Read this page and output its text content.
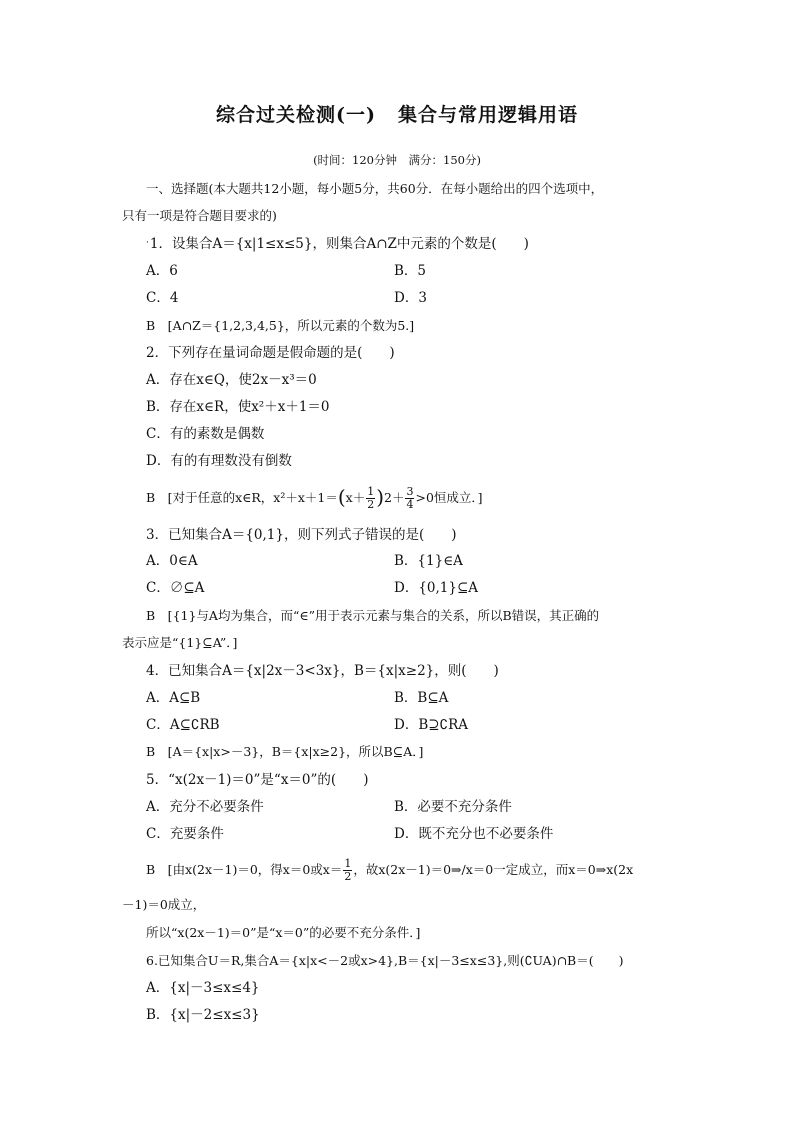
综合过关检测(一) 集合与常用逻辑用语
(时间：120分钟　满分：150分)
一、选择题(本大题共12小题，每小题5分，共60分．在每小题给出的四个选项中，
只有一项是符合题目要求的)
·1．设集合A＝{x|1≤x≤5}，则集合A∩Z中元素的个数是(　　)
A．6	B．5
C．4	D．3
B　[A∩Z＝{1,2,3,4,5}，所以元素的个数为5.]
2．下列存在量词命题是假命题的是(　　)
A．存在x∈Q，使2x－x³＝0
B．存在x∈R，使x²＋x＋1＝0
C．有的素数是偶数
D．有的有理数没有倒数
B　[对于任意的x∈R，$x^2+x+1=(x+ \frac{1}{2} )2+ \frac{3}{4} >0$恒成立．]
3．已知集合A＝{0,1}，则下列式子错误的是(　　)
A．0∈A	B．{1}∈A
C．∅⊆A	D．{0,1}⊆A
B　[{1}与A均为集合，而“∈”用于表示元素与集合的关系，所以B错误，其正确的
表示应是“{1}⊆A”．]
4．已知集合A＝{x|2x－3<3x}，B＝{x|x≥2}，则(　　)
A．A⊆B	B．B⊆A
C．A⊆∁RB	D．B⊇∁RA
B　[A＝{x|x>－3}，B＝{x|x≥2}，所以B⊆A．]
5．“x(2x－1)＝0”是“x＝0”的(　　)
A．充分不必要条件	B．必要不充分条件
C．充要条件	D．既不充分也不必要条件
B　[由x(2x－1)＝0，得x＝0或$x= \frac{1}{2}$ ，故x(2x－1)＝0⇒/x＝0一定成立，而x＝0⇒x(2x
－1)＝0成立，
所以“x(2x－1)＝0”是“x＝0”的必要不充分条件．]
6.已知集合U＝R,集合A＝{x|x<－2或x>4},B＝{x|－3≤x≤3},则(∁UA)∩B＝(　　)
A．{x|－3≤x≤4}
B．{x|－2≤x≤3}
